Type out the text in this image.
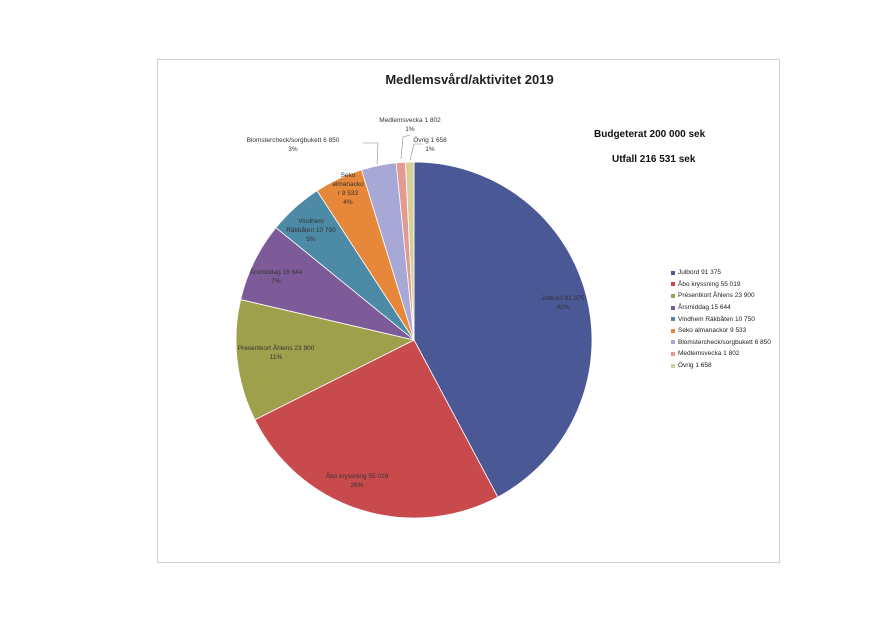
Medlemsvård/aktivitet 2019
Budgeterat 200 000 sek
Utfall 216 531 sek
Julbord 91 375 42%
Åbo kryssning 55 019 26%
Presentkort Åhlens 23 900 11%
Årsmiddag 15 644 7%
Vindhem Räkbåten 10 750 5%
Seko almanacko r 9 533 4%
Blomstercheck/sorgbukett 6 850 3%
Medlemsvecka 1 802 1%
Övrig 1 658 1%
Julbord 91 375
Åbo kryssning 55 019
Presentkort Åhlens 23 900
Årsmiddag 15 644
Vindhem Räkbåten 10 750
Seko almanackor 9 533
Blomstercheck/sorgbukett 6 850
Medlemsvecka 1 802
Övrig 1 658
